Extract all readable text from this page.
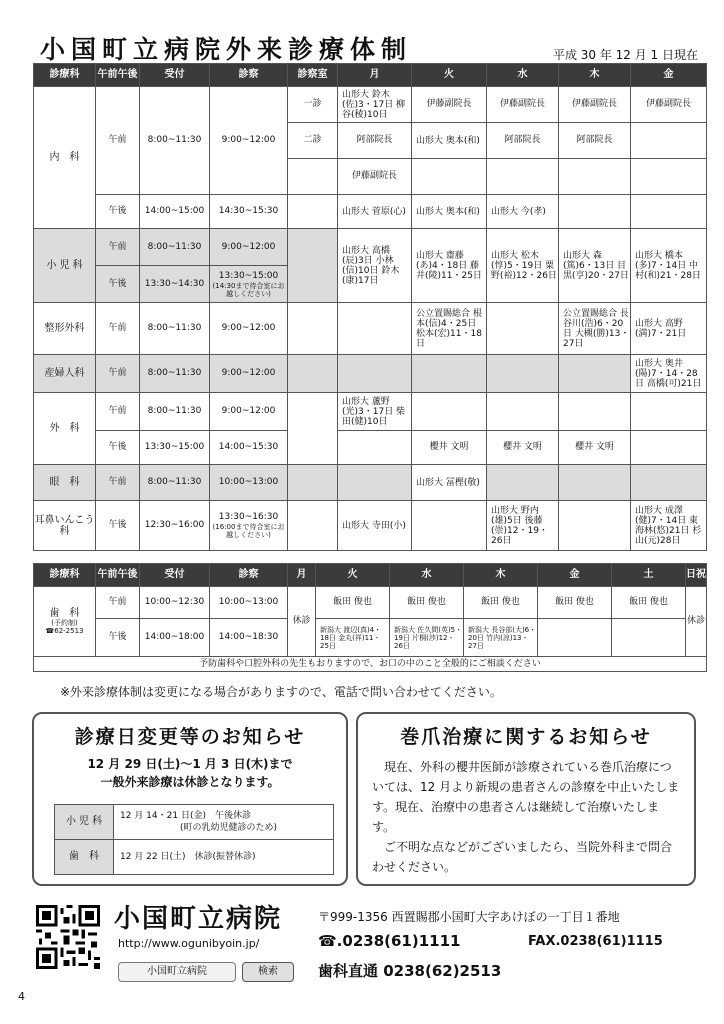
小国町立病院外来診療体制	平成 30 年 12 月 1 日現在
診療科	午前午後	受付	診察	診察室	月	火	水	木	金
内　科	午前	8:00~11:30	9:00~12:00	一診	山形大 鈴木(佐)3・17日 柳谷(稜)10日	伊藤副院長	伊藤副院長	伊藤副院長	伊藤副院長
				二診	阿部院長	山形大 奥本(和)	阿部院長	阿部院長	
					伊藤副院長				
	午後	14:00~15:00	14:30~15:30		山形大 菅原(心)	山形大 奥本(和)	山形大 今(孝)		
小 児 科	午前	8:00~11:30	9:00~12:00		山形大 高橋(辰)3日 小林(信)10日 鈴木(康)17日	山形大 齋藤(あ)4・18日 藤井(陵)11・25日	山形大 松木(惇)5・19日 粟野(裕)12・26日	山形大 森(篤)6・13日 目黒(亨)20・27日	山形大 橋本(多)7・14日 中村(和)21・28日
	午後	13:30~14:30	13:30~15:00
(14:30まで待合室にお越しください)						

整形外科	午前	8:00~11:30	9:00~12:00			公立置賜総合 根本(信)4・25日 松本(宏)11・18日		公立置賜総合 長谷川(浩)6・20日 大槻(勝)13・27日	山形大 高野(満)7・21日
産婦人科	午前	8:00~11:30	9:00~12:00						山形大 奥井(陽)7・14・28日 高橋(可)21日
外　科	午前	8:00~11:30	9:00~12:00		山形大 蘆野(光)3・17日 柴田(健)10日				
	午後	13:30~15:00	14:00~15:30			櫻井 文明	櫻井 文明	櫻井 文明	
眼　科	午前	8:00~11:30	10:00~13:00			山形大 冨樫(敬)			
耳鼻いんこう科	午後	12:30~16:00	13:30~16:30
(16:00まで待合室にお越しください)		山形大 寺田(小)		山形大 野内(雄)5日 後藤(崇)12・19・26日		山形大 成澤(健)7・14日 東海林(悠)21日 杉山(元)28日
診療科	午前午後	受付	診察	月	火	水	木	金	土	日祝

歯　科
(予約制)
☎62-2513	午前	10:00~12:30	10:00~13:00	休診	飯田 俊也	飯田 俊也	飯田 俊也	飯田 俊也	飯田 俊也	休診
	午後	14:00~18:00	14:00~18:30		新潟大 渡辺(真)4・18日 金丸(祥)11・25日	新潟大 佐久間(英)5・19日 片桐(渉)12・26日	新潟大 長谷部(大)6・20日 竹内(涼)13・27日			
予防歯科や口腔外科の先生もおりますので、お口の中のこと全般的にご相談ください										
※外来診療体制は変更になる場合がありますので、電話で問い合わせてください。
診療日変更等のお知らせ
12 月 29 日(土)～1 月 3 日(木)まで
一般外来診療は休診となります。
小 児 科	12 月 14・21 日(金)　午後休診
(町の乳幼児健診のため)

歯　科	12 月 22 日(土)　休診(振替休診)
巻爪治療に関するお知らせ

現在、外科の櫻井医師が診療されている巻爪治療については、12 月より新規の患者さんの診療を中止いたします。現在、治療中の患者さんは継続して治療いたします。

ご不明な点などがございましたら、当院外科まで問合わせください。

小国町立病院
http://www.ogunibyoin.jp/
小国町立病院	検索
〒999-1356 西置賜郡小国町大字あけぼの一丁目１番地
☎.0238(61)1111	FAX.0238(61)1115
歯科直通 0238(62)2513
4
